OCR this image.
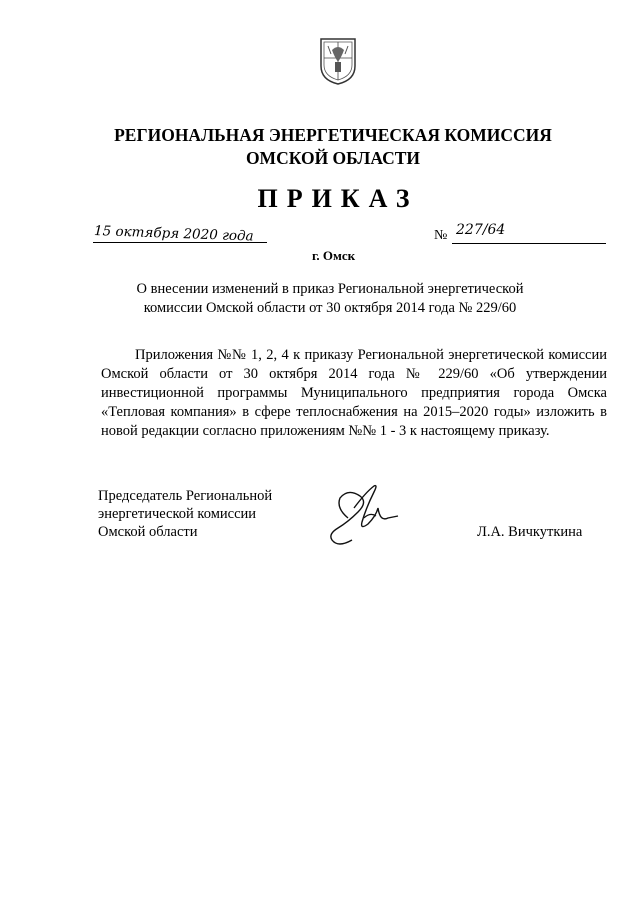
РЕГИОНАЛЬНАЯ ЭНЕРГЕТИЧЕСКАЯ КОМИССИЯ
ОМСКОЙ ОБЛАСТИ
ПРИКАЗ
15 октября 2020 года	№ 227/64
г. Омск
О внесении изменений в приказ Региональной энергетической
комиссии Омской области от 30 октября 2014 года № 229/60
Приложения №№ 1, 2, 4 к приказу Региональной энергетической комиссии Омской области от 30 октября 2014 года № 229/60 «Об утверждении инвестиционной программы Муниципального предприятия города Омска «Тепловая компания» в сфере теплоснабжения на 2015–2020 годы» изложить в новой редакции согласно приложениям №№ 1 - 3 к настоящему приказу.
Председатель Региональной
энергетической комиссии
Омской области	Л.А. Вичкуткина
